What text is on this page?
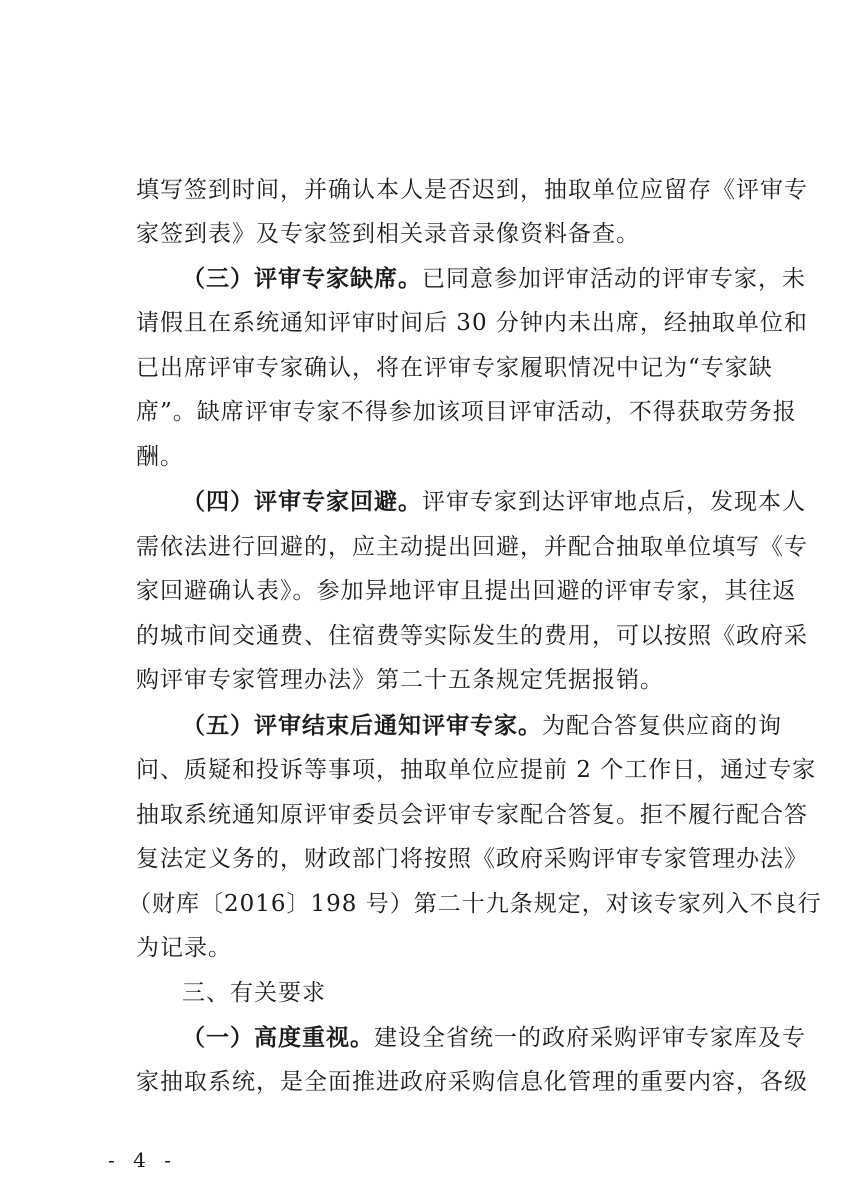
填写签到时间，并确认本人是否迟到，抽取单位应留存《评审专
家签到表》及专家签到相关录音录像资料备查。
（三）评审专家缺席。已同意参加评审活动的评审专家，未
请假且在系统通知评审时间后 30 分钟内未出席，经抽取单位和
已出席评审专家确认，将在评审专家履职情况中记为“专家缺
席”。缺席评审专家不得参加该项目评审活动，不得获取劳务报
酬。
（四）评审专家回避。评审专家到达评审地点后，发现本人
需依法进行回避的，应主动提出回避，并配合抽取单位填写《专
家回避确认表》。参加异地评审且提出回避的评审专家，其往返
的城市间交通费、住宿费等实际发生的费用，可以按照《政府采
购评审专家管理办法》第二十五条规定凭据报销。
（五）评审结束后通知评审专家。为配合答复供应商的询
问、质疑和投诉等事项，抽取单位应提前 2 个工作日，通过专家
抽取系统通知原评审委员会评审专家配合答复。拒不履行配合答
复法定义务的，财政部门将按照《政府采购评审专家管理办法》
（财库〔2016〕198 号）第二十九条规定，对该专家列入不良行
为记录。
三、有关要求
（一）高度重视。建设全省统一的政府采购评审专家库及专
家抽取系统，是全面推进政府采购信息化管理的重要内容，各级
- 4 -
